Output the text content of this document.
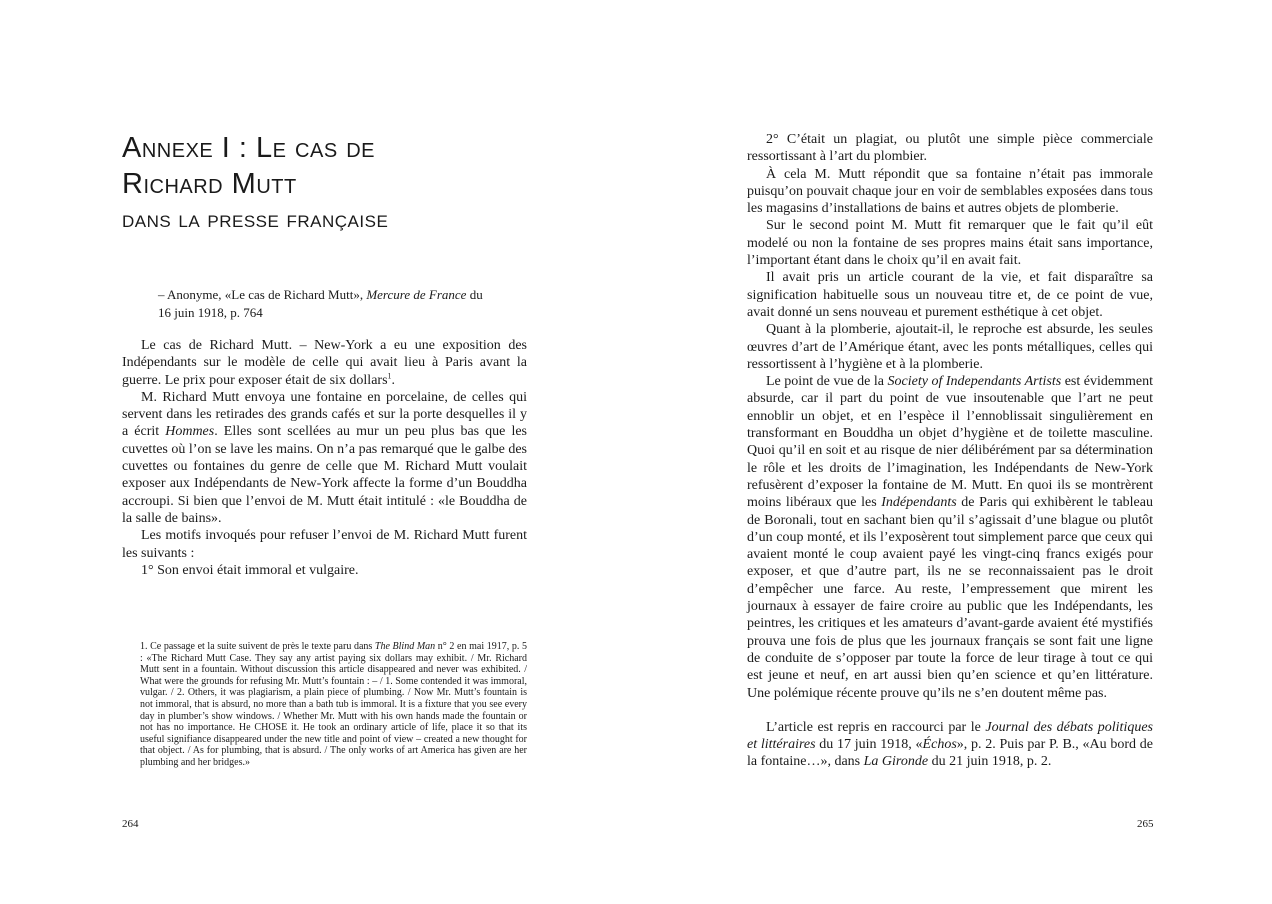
Annexe I : Le cas de
Richard Mutt
dans la presse française

– Anonyme, «Le cas de Richard Mutt», Mercure de France du 16 juin 1918, p. 764

Le cas de Richard Mutt. – New-York a eu une exposition des Indépendants sur le modèle de celle qui avait lieu à Paris avant la guerre. Le prix pour exposer était de six dollars$^1$.

M. Richard Mutt envoya une fontaine en porcelaine, de celles qui servent dans les retirades des grands cafés et sur la porte desquelles il y a écrit Hommes. Elles sont scellées au mur un peu plus bas que les cuvettes où l’on se lave les mains. On n’a pas remarqué que le galbe des cuvettes ou fontaines du genre de celle que M. Richard Mutt voulait exposer aux Indépendants de New-York affecte la forme d’un Bouddha accroupi. Si bien que l’envoi de M. Mutt était intitulé : «le Bouddha de la salle de bains».

Les motifs invoqués pour refuser l’envoi de M. Richard Mutt furent les suivants :

1° Son envoi était immoral et vulgaire.

1. Ce passage et la suite suivent de près le texte paru dans The Blind Man n° 2 en mai 1917, p. 5 : «The Richard Mutt Case. They say any artist paying six dollars may exhibit. / Mr. Richard Mutt sent in a fountain. Without discussion this article disappeared and never was exhibited. / What were the grounds for refusing Mr. Mutt’s fountain : – / 1. Some contended it was immoral, vulgar. / 2. Others, it was plagiarism, a plain piece of plumbing. / Now Mr. Mutt’s fountain is not immoral, that is absurd, no more than a bath tub is immoral. It is a fixture that you see every day in plumber’s show windows. / Whether Mr. Mutt with his own hands made the fountain or not has no importance. He CHOSE it. He took an ordinary article of life, place it so that its useful signifiance disappeared under the new title and point of view – created a new thought for that object. / As for plumbing, that is absurd. / The only works of art America has given are her plumbing and her bridges.»

264

2° C’était un plagiat, ou plutôt une simple pièce commerciale ressortissant à l’art du plombier.

À cela M. Mutt répondit que sa fontaine n’était pas immorale puisqu’on pouvait chaque jour en voir de semblables exposées dans tous les magasins d’installations de bains et autres objets de plomberie.

Sur le second point M. Mutt fit remarquer que le fait qu’il eût modelé ou non la fontaine de ses propres mains était sans importance, l’important étant dans le choix qu’il en avait fait.

Il avait pris un article courant de la vie, et fait disparaître sa signification habituelle sous un nouveau titre et, de ce point de vue, avait donné un sens nouveau et purement esthétique à cet objet.

Quant à la plomberie, ajoutait-il, le reproche est absurde, les seules œuvres d’art de l’Amérique étant, avec les ponts métalliques, celles qui ressortissent à l’hygiène et à la plomberie.

Le point de vue de la Society of Independants Artists est évidemment absurde, car il part du point de vue insoutenable que l’art ne peut ennoblir un objet, et en l’espèce il l’ennoblissait singulièrement en transformant en Bouddha un objet d’hygiène et de toilette masculine. Quoi qu’il en soit et au risque de nier délibérément par sa détermination le rôle et les droits de l’imagination, les Indépendants de New-York refusèrent d’exposer la fontaine de M. Mutt. En quoi ils se montrèrent moins libéraux que les Indépendants de Paris qui exhibèrent le tableau de Boronali, tout en sachant bien qu’il s’agissait d’une blague ou plutôt d’un coup monté, et ils l’exposèrent tout simplement parce que ceux qui avaient monté le coup avaient payé les vingt-cinq francs exigés pour exposer, et que d’autre part, ils ne se reconnaissaient pas le droit d’empêcher une farce. Au reste, l’empressement que mirent les journaux à essayer de faire croire au public que les Indépendants, les peintres, les critiques et les amateurs d’avant-garde avaient été mystifiés prouva une fois de plus que les journaux français se sont fait une ligne de conduite de s’opposer par toute la force de leur tirage à tout ce qui est jeune et neuf, en art aussi bien qu’en science et qu’en littérature. Une polémique récente prouve qu’ils ne s’en doutent même pas.

L’article est repris en raccourci par le Journal des débats politiques et littéraires du 17 juin 1918, «Échos», p. 2. Puis par P. B., «Au bord de la fontaine…», dans La Gironde du 21 juin 1918, p. 2.

265
